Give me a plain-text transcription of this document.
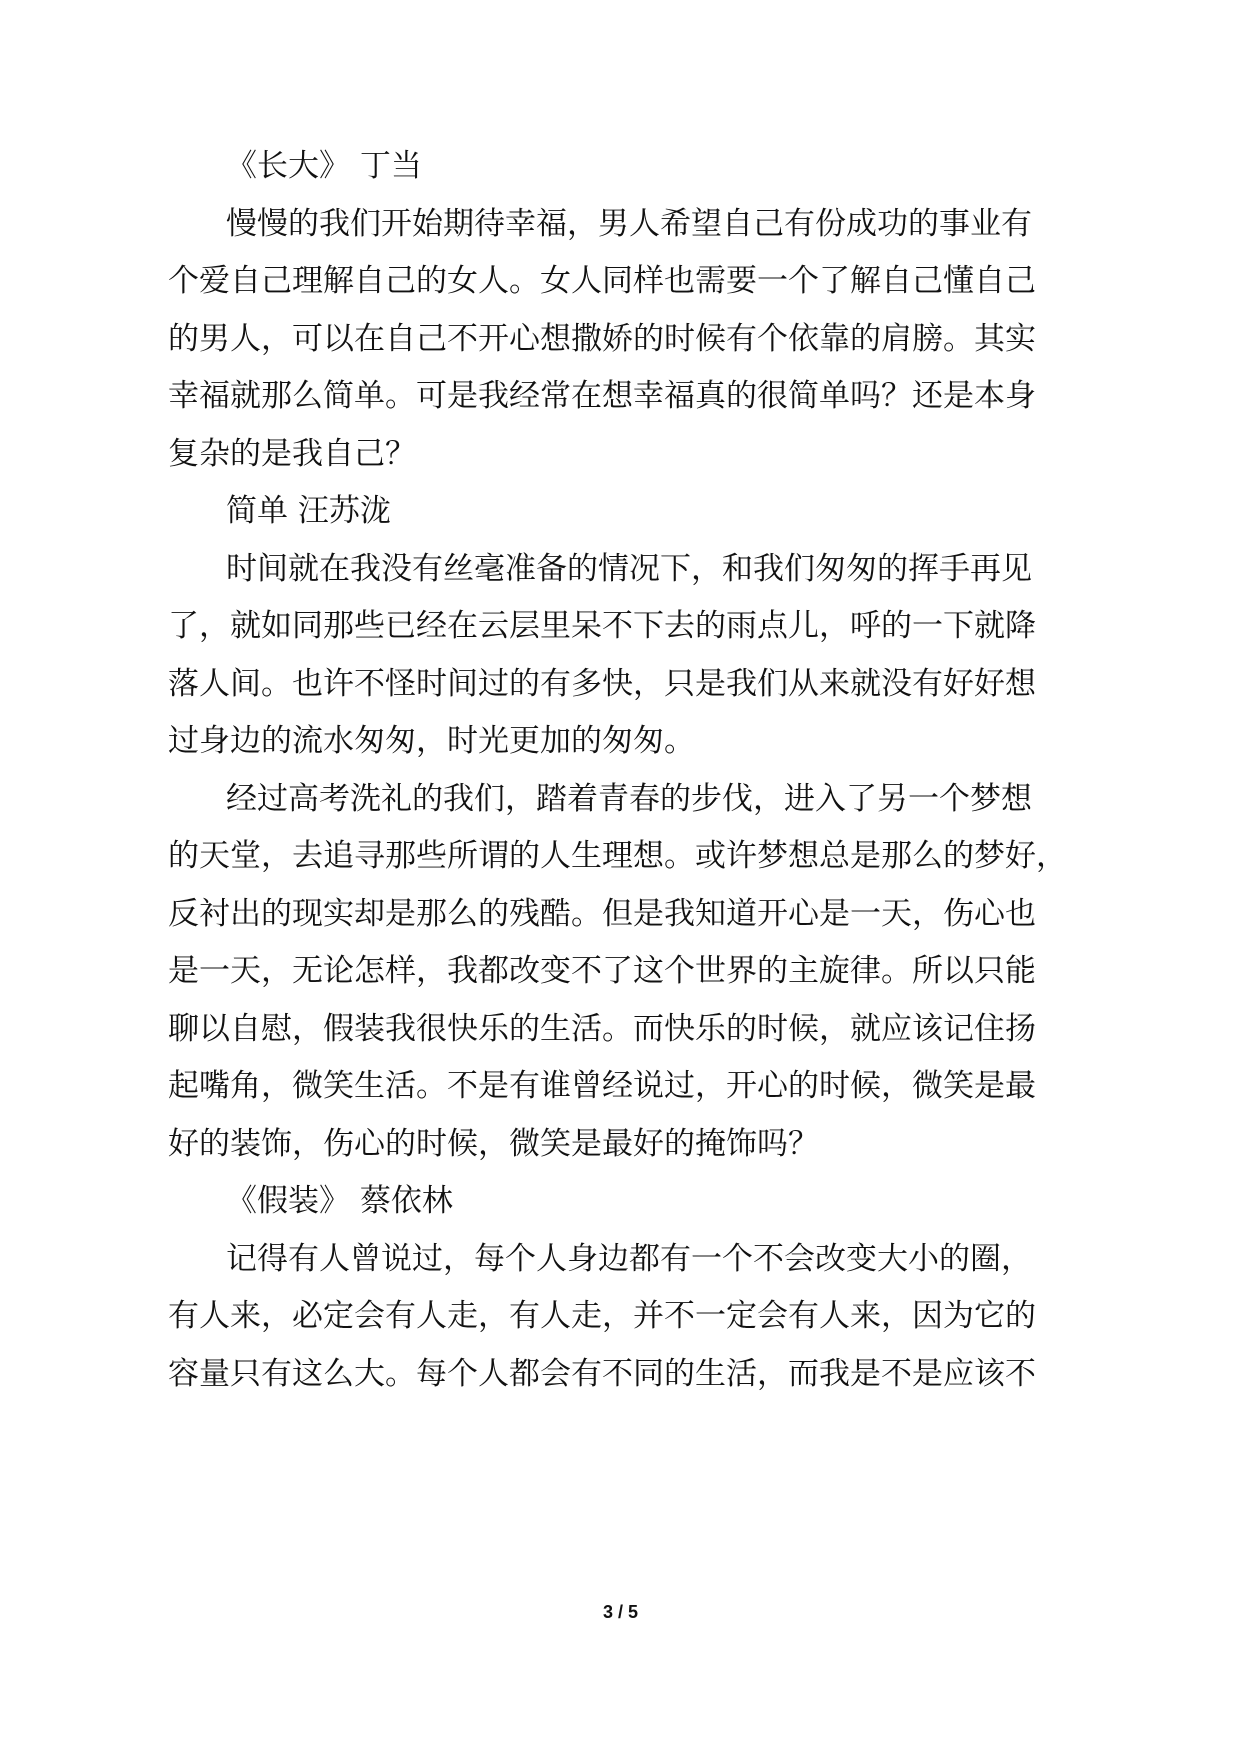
《长大》 丁当

慢慢的我们开始期待幸福，男人希望自己有份成功的事业有

个爱自己理解自己的女人。女人同样也需要一个了解自己懂自己

的男人，可以在自己不开心想撒娇的时候有个依靠的肩膀。其实

幸福就那么简单。可是我经常在想幸福真的很简单吗？还是本身

复杂的是我自己？

简单 汪苏泷

时间就在我没有丝毫准备的情况下，和我们匆匆的挥手再见

了，就如同那些已经在云层里呆不下去的雨点儿，呼的一下就降

落人间。也许不怪时间过的有多快，只是我们从来就没有好好想

过身边的流水匆匆，时光更加的匆匆。

经过高考洗礼的我们，踏着青春的步伐，进入了另一个梦想

的天堂，去追寻那些所谓的人生理想。或许梦想总是那么的梦好，

反衬出的现实却是那么的残酷。但是我知道开心是一天，伤心也

是一天，无论怎样，我都改变不了这个世界的主旋律。所以只能

聊以自慰，假装我很快乐的生活。而快乐的时候，就应该记住扬

起嘴角，微笑生活。不是有谁曾经说过，开心的时候，微笑是最

好的装饰，伤心的时候，微笑是最好的掩饰吗？

《假装》 蔡依林

记得有人曾说过，每个人身边都有一个不会改变大小的圈，

有人来，必定会有人走，有人走，并不一定会有人来，因为它的

容量只有这么大。每个人都会有不同的生活，而我是不是应该不

3 / 5
